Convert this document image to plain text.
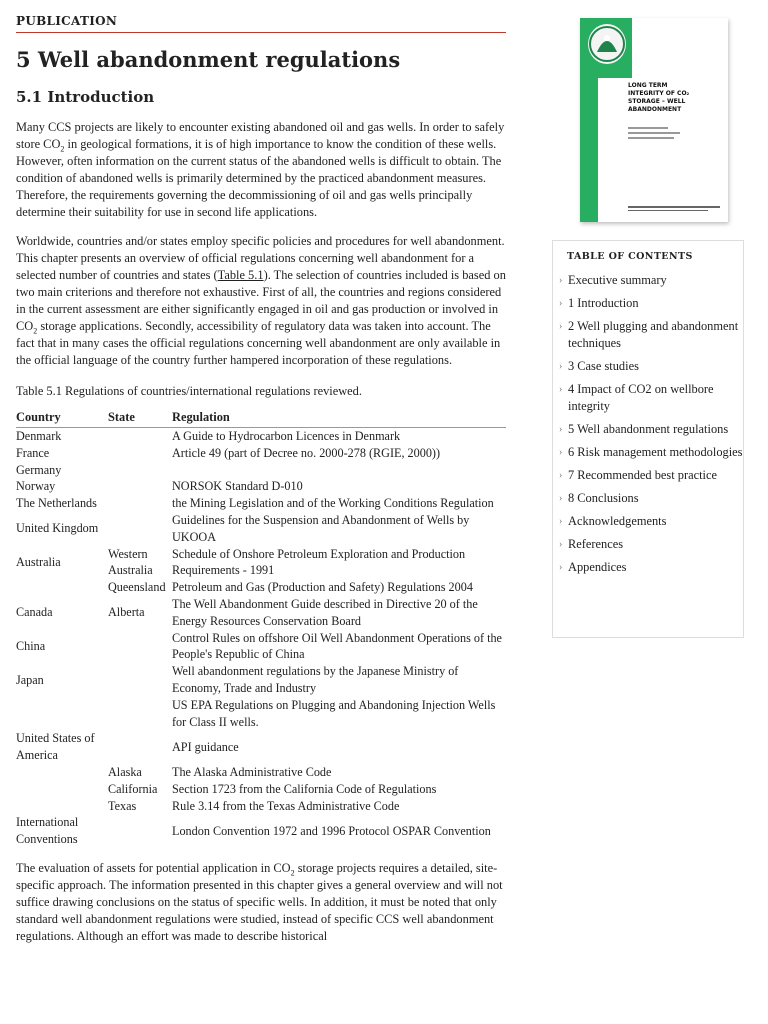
PUBLICATION
5 Well abandonment regulations
5.1 Introduction

Many CCS projects are likely to encounter existing abandoned oil and gas wells. In order to safely store $CO_2$ in geological formations, it is of high importance to know the condition of these wells. However, often information on the current status of the abandoned wells is difficult to obtain. The condition of abandoned wells is primarily determined by the practiced abandonment measures. Therefore, the requirements governing the decommissioning of oil and gas wells principally determine their suitability for use in second life applications.

Worldwide, countries and/or states employ specific policies and procedures for well abandonment. This chapter presents an overview of official regulations concerning well abandonment for a selected number of countries and states (Table 5.1). The selection of countries included is based on two main criterions and therefore not exhaustive. First of all, the countries and regions considered in the current assessment are either significantly engaged in oil and gas production or involved in $CO_2$ storage applications. Secondly, accessibility of regulatory data was taken into account. The fact that in many cases the official regulations concerning well abandonment are only available in the official language of the country further hampered incorporation of these regulations.

Table 5.1 Regulations of countries/international regulations reviewed.
Country	State	Regulation
Denmark		A Guide to Hydrocarbon Licences in Denmark
France		Article 49 (part of Decree no. 2000-278 (RGIE, 2000))
Germany		
Norway		NORSOK Standard D-010
The Netherlands		the Mining Legislation and of the Working Conditions Regulation
United Kingdom		Guidelines for the Suspension and Abandonment of Wells by UKOOA
Australia	Western Australia	Schedule of Onshore Petroleum Exploration and Production Requirements - 1991
	Queensland	Petroleum and Gas (Production and Safety) Regulations 2004
Canada	Alberta	The Well Abandonment Guide described in Directive 20 of the Energy Resources Conservation Board
China		Control Rules on offshore Oil Well Abandonment Operations of the People's Republic of China
Japan		Well abandonment regulations by the Japanese Ministry of Economy, Trade and Industry
		US EPA Regulations on Plugging and Abandoning Injection Wells for Class II wells.
United States of America		API guidance
	Alaska	The Alaska Administrative Code
	California	Section 1723 from the California Code of Regulations
	Texas	Rule 3.14 from the Texas Administrative Code
International Conventions		London Convention 1972 and 1996 Protocol OSPAR Convention

The evaluation of assets for potential application in $CO_2$ storage projects requires a detailed, site-specific approach. The information presented in this chapter gives a general overview and will not suffice drawing conclusions on the status of specific wells. In addition, it must be noted that only standard well abandonment regulations were studied, instead of specific CCS well abandonment regulations. Although an effort was made to describe historical

LONG TERM
INTEGRITY OF CO₂
STORAGE – WELL
ABANDONMENT
TABLE OF CONTENTS
› Executive summary
› 1 Introduction
› 2 Well plugging and abandonment techniques
› 3 Case studies
› 4 Impact of CO2 on wellbore integrity
› 5 Well abandonment regulations
› 6 Risk management methodologies
› 7 Recommended best practice
› 8 Conclusions
› Acknowledgements
› References
› Appendices
